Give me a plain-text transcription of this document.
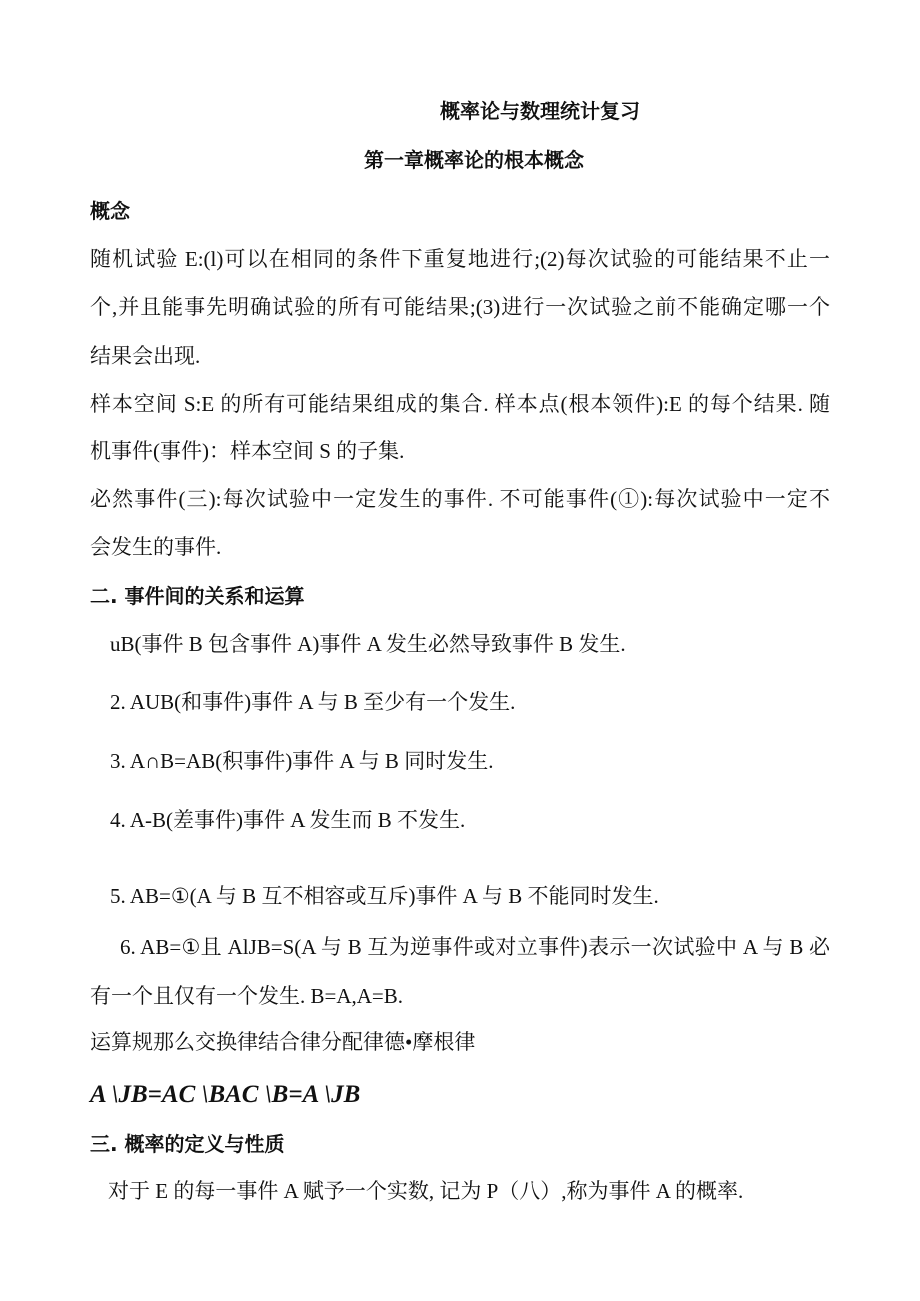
概率论与数理统计复习
第一章概率论的根本概念
概念
随机试验 E:(l)可以在相同的条件下重复地进行;(2)每次试验的可能结果不止一
个,并且能事先明确试验的所有可能结果;(3)进行一次试验之前不能确定哪一个
结果会出现.
样本空间 S:E 的所有可能结果组成的集合. 样本点(根本领件):E 的每个结果. 随
机事件(事件)：样本空间 S 的子集.
必然事件(三):每次试验中一定发生的事件. 不可能事件(①):每次试验中一定不
会发生的事件.
二. 事件间的关系和运算
uB(事件 B 包含事件 A)事件 A 发生必然导致事件 B 发生.
2. AUB(和事件)事件 A 与 B 至少有一个发生.
3. A∩B=AB(积事件)事件 A 与 B 同时发生.
4. A-B(差事件)事件 A 发生而 B 不发生.
5. AB=①(A 与 B 互不相容或互斥)事件 A 与 B 不能同时发生.
6. AB=①且 AlJB=S(A 与 B 互为逆事件或对立事件)表示一次试验中 A 与 B 必
有一个且仅有一个发生. B=A,A=B.
运算规那么交换律结合律分配律德•摩根律
A \JB=AC \BAC \B=A \JB
三. 概率的定义与性质
对于 E 的每一事件 A 赋予一个实数, 记为 P（八）,称为事件 A 的概率.
